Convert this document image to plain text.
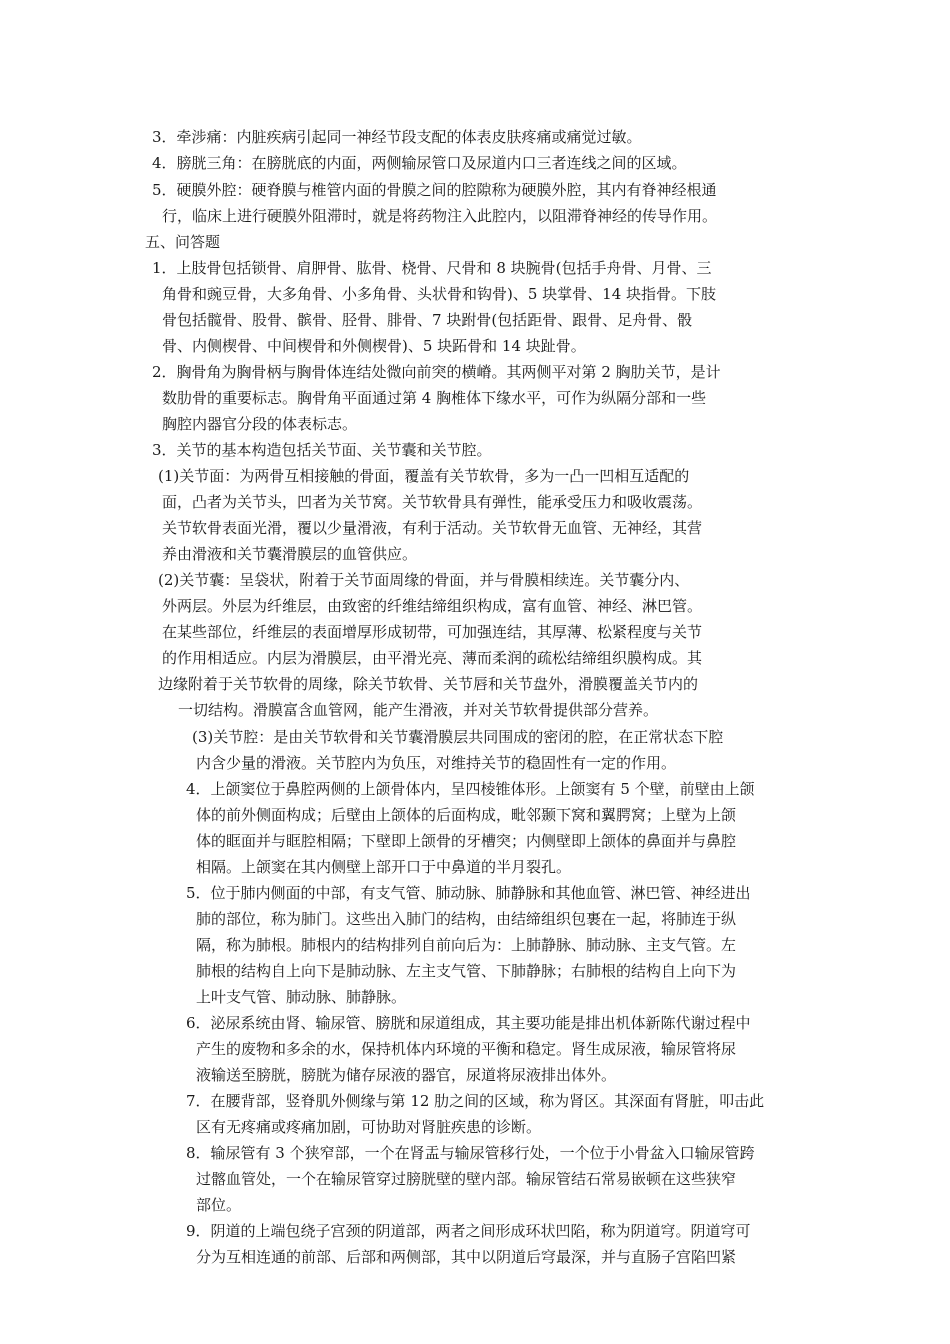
3．牵涉痛：内脏疾病引起同一神经节段支配的体表皮肤疼痛或痛觉过敏。
4．膀胱三角：在膀胱底的内面，两侧输尿管口及尿道内口三者连线之间的区域。
5．硬膜外腔：硬脊膜与椎管内面的骨膜之间的腔隙称为硬膜外腔，其内有脊神经根通
行，临床上进行硬膜外阻滞时，就是将药物注入此腔内，以阻滞脊神经的传导作用。
五、问答题
1．上肢骨包括锁骨、肩胛骨、肱骨、桡骨、尺骨和 8 块腕骨(包括手舟骨、月骨、三
角骨和豌豆骨，大多角骨、小多角骨、头状骨和钩骨)、5 块掌骨、14 块指骨。下肢
骨包括髋骨、股骨、髌骨、胫骨、腓骨、7 块跗骨(包括距骨、跟骨、足舟骨、骰
骨、内侧楔骨、中间楔骨和外侧楔骨)、5 块跖骨和 14 块趾骨。
2．胸骨角为胸骨柄与胸骨体连结处微向前突的横嵴。其两侧平对第 2 胸肋关节，是计
数肋骨的重要标志。胸骨角平面通过第 4 胸椎体下缘水平，可作为纵隔分部和一些
胸腔内器官分段的体表标志。
3．关节的基本构造包括关节面、关节囊和关节腔。
(1)关节面：为两骨互相接触的骨面，覆盖有关节软骨，多为一凸一凹相互适配的
面，凸者为关节头，凹者为关节窝。关节软骨具有弹性，能承受压力和吸收震荡。
关节软骨表面光滑，覆以少量滑液，有利于活动。关节软骨无血管、无神经，其营
养由滑液和关节囊滑膜层的血管供应。
(2)关节囊：呈袋状，附着于关节面周缘的骨面，并与骨膜相续连。关节囊分内、
外两层。外层为纤维层，由致密的纤维结缔组织构成，富有血管、神经、淋巴管。
在某些部位，纤维层的表面增厚形成韧带，可加强连结，其厚薄、松紧程度与关节
的作用相适应。内层为滑膜层，由平滑光亮、薄而柔润的疏松结缔组织膜构成。其
边缘附着于关节软骨的周缘，除关节软骨、关节唇和关节盘外，滑膜覆盖关节内的
一切结构。滑膜富含血管网，能产生滑液，并对关节软骨提供部分营养。
(3)关节腔：是由关节软骨和关节囊滑膜层共同围成的密闭的腔，在正常状态下腔
内含少量的滑液。关节腔内为负压，对维持关节的稳固性有一定的作用。
4．上颌窦位于鼻腔两侧的上颌骨体内，呈四棱锥体形。上颌窦有 5 个壁，前壁由上颌
体的前外侧面构成；后壁由上颌体的后面构成，毗邻颞下窝和翼腭窝；上壁为上颌
体的眶面并与眶腔相隔；下壁即上颌骨的牙槽突；内侧壁即上颌体的鼻面并与鼻腔
相隔。上颌窦在其内侧壁上部开口于中鼻道的半月裂孔。
5．位于肺内侧面的中部，有支气管、肺动脉、肺静脉和其他血管、淋巴管、神经进出
肺的部位，称为肺门。这些出入肺门的结构，由结缔组织包裹在一起，将肺连于纵
隔，称为肺根。肺根内的结构排列自前向后为：上肺静脉、肺动脉、主支气管。左
肺根的结构自上向下是肺动脉、左主支气管、下肺静脉；右肺根的结构自上向下为
上叶支气管、肺动脉、肺静脉。
6．泌尿系统由肾、输尿管、膀胱和尿道组成，其主要功能是排出机体新陈代谢过程中
产生的废物和多余的水，保持机体内环境的平衡和稳定。肾生成尿液，输尿管将尿
液输送至膀胱，膀胱为储存尿液的器官，尿道将尿液排出体外。
7．在腰背部，竖脊肌外侧缘与第 12 肋之间的区域，称为肾区。其深面有肾脏，叩击此
区有无疼痛或疼痛加剧，可协助对肾脏疾患的诊断。
8．输尿管有 3 个狭窄部，一个在肾盂与输尿管移行处，一个位于小骨盆入口输尿管跨
过髂血管处，一个在输尿管穿过膀胱壁的壁内部。输尿管结石常易嵌顿在这些狭窄
部位。
9．阴道的上端包绕子宫颈的阴道部，两者之间形成环状凹陷，称为阴道穹。阴道穹可
分为互相连通的前部、后部和两侧部，其中以阴道后穹最深，并与直肠子宫陷凹紧
